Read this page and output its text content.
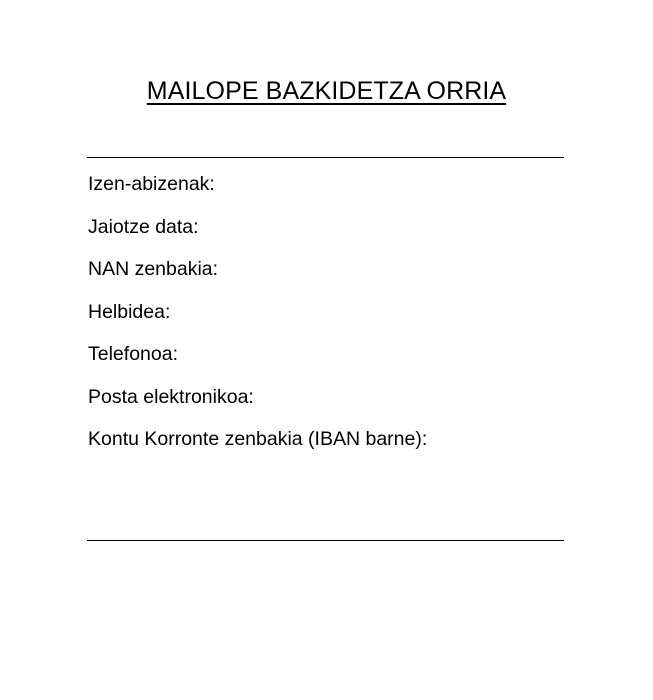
MAILOPE BAZKIDETZA ORRIA
Izen-abizenak:
Jaiotze data:
NAN zenbakia:
Helbidea:
Telefonoa:
Posta elektronikoa:
Kontu Korronte zenbakia (IBAN barne):
